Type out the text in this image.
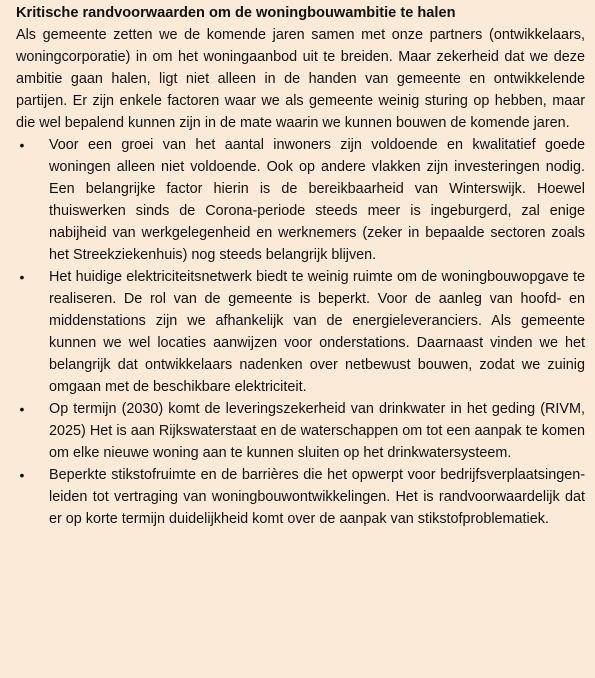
Kritische randvoorwaarden om de woningbouwambitie te halen

Als gemeente zetten we de komende jaren samen met onze partners (ontwikkelaars, woningcorporatie) in om het woningaanbod uit te breiden. Maar zekerheid dat we deze ambitie gaan halen, ligt niet alleen in de handen van gemeente en ontwikkelende partijen. Er zijn enkele factoren waar we als gemeente weinig sturing op hebben, maar die wel bepalend kunnen zijn in de mate waarin we kunnen bouwen de komende jaren.

• Voor een groei van het aantal inwoners zijn voldoende en kwalitatief goede woningen alleen niet voldoende. Ook op andere vlakken zijn investeringen nodig. Een belangrijke factor hierin is de bereikbaarheid van Winterswijk. Hoewel thuiswerken sinds de Corona-periode steeds meer is ingeburgerd, zal enige nabijheid van werkgelegenheid en werknemers (zeker in bepaalde sectoren zoals het Streekziekenhuis) nog steeds belangrijk blijven.
• Het huidige elektriciteitsnetwerk biedt te weinig ruimte om de woningbouwopgave te realiseren. De rol van de gemeente is beperkt. Voor de aanleg van hoofd- en middenstations zijn we afhankelijk van de energieleveranciers. Als gemeente kunnen we wel locaties aanwijzen voor onderstations. Daarnaast vinden we het belangrijk dat ontwikkelaars nadenken over netbewust bouwen, zodat we zuinig omgaan met de beschikbare elektriciteit.
• Op termijn (2030) komt de leveringszekerheid van drinkwater in het geding (RIVM, 2025) Het is aan Rijkswaterstaat en de waterschappen om tot een aanpak te komen om elke nieuwe woning aan te kunnen sluiten op het drinkwatersysteem.
• Beperkte stikstofruimte en de barrières die het opwerpt voor bedrijfsverplaatsingen- leiden tot vertraging van woningbouwontwikkelingen. Het is randvoorwaardelijk dat er op korte termijn duidelijkheid komt over de aanpak van stikstofproblematiek.
